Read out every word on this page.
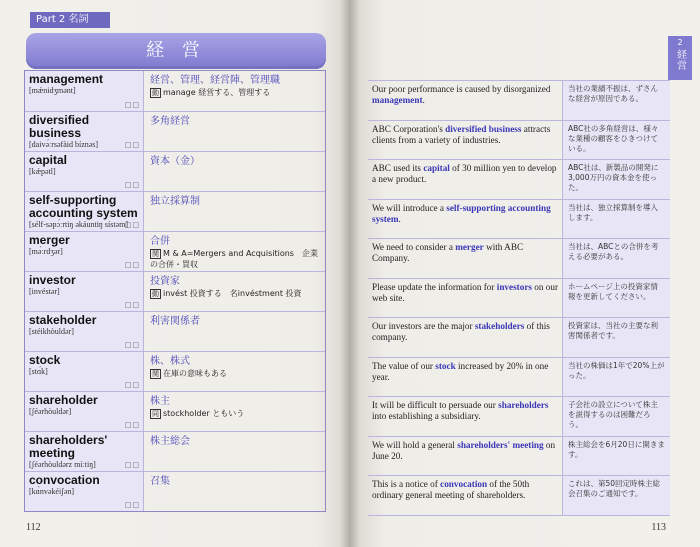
Part 2 名詞
経 営
management
[mǽnidʒmənt]
□□
経営、管理、経営陣、管理職
動 manage 経営する、管理する
diversified business
[daivə́ːrsəfàid bíznəs]	□□
多角経営
capital
[kǽpətl]
□□
資本（金）
self-supporting accounting system
[sélf-səpɔ́ːrtiŋ əkáuntiŋ sístəm]
□□
独立採算制
merger
[mə́ːrdʒər]
□□
合併
関 M & A=Mergers and Acquisitions　企業の合併・買収
investor
[invéstər]
□□
投資家
動 invést 投資する　名invéstment 投資
stakeholder
[stéikhòuldər]
□□
利害関係者
stock
[stɑ́k]
□□
株、株式
関 在庫の意味もある
shareholder
[ʃéərhòuldər]
□□
株主
同 stockholder ともいう
shareholders' meeting
[ʃéərhòuldərz míːtiŋ]	□□
株主総会
convocation
[kɑ̀nvəkéiʃən]
□□
召集
112
2
経営
Our poor performance is caused by disorganized management.
当社の業績不振は、ずさんな経営が原因である。
ABC Corporation's diversified business attracts clients from a variety of industries.
ABC社の多角経営は、様々な業種の顧客をひきつけている。
ABC used its capital of 30 million yen to develop a new product.
ABC社は、新製品の開発に3,000万円の資本金を使った。
We will introduce a self-supporting accounting system.
当社は、独立採算制を導入します。
We need to consider a merger with ABC Company.
当社は、ABCとの合併を考える必要がある。
Please update the information for investors on our web site.
ホームページ上の投資家情報を更新してください。
Our investors are the major stakeholders of this company.
投資家は、当社の主要な利害関係者です。
The value of our stock increased by 20% in one year.
当社の株価は1年で20%上がった。
It will be difficult to persuade our shareholders into establishing a subsidiary.
子会社の設立について株主を説得するのは困難だろう。
We will hold a general shareholders' meeting on June 20.
株主総会を6月20日に開きます。
This is a notice of convocation of the 50th ordinary general meeting of shareholders.
これは、第50回定時株主総会召集のご通知です。
113
